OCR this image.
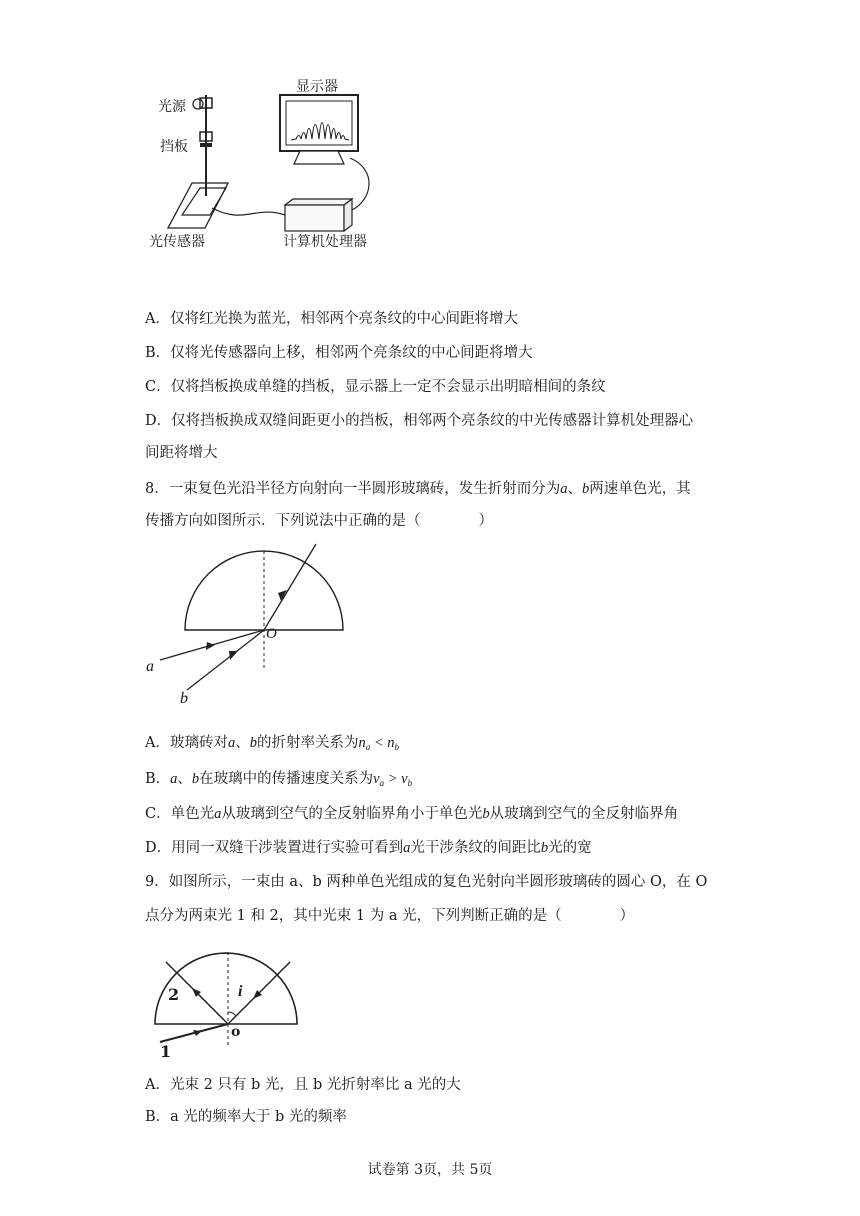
光源
挡板
显示器
光传感器	计算机处理器
A．仅将红光换为蓝光，相邻两个亮条纹的中心间距将增大
B．仅将光传感器向上移，相邻两个亮条纹的中心间距将增大
C．仅将挡板换成单缝的挡板，显示器上一定不会显示出明暗相间的条纹
D．仅将挡板换成双缝间距更小的挡板，相邻两个亮条纹的中光传感器计算机处理器心
间距将增大
8．一束复色光沿半径方向射向一半圆形玻璃砖，发生折射而分为a、b两速单色光，其
传播方向如图所示．下列说法中正确的是（　　　　）
O
a
b
A．玻璃砖对a、b的折射率关系为$n_a < n_b$
B．a、b在玻璃中的传播速度关系为$v_a > v_b$
C．单色光a从玻璃到空气的全反射临界角小于单色光b从玻璃到空气的全反射临界角
D．用同一双缝干涉装置进行实验可看到a光干涉条纹的间距比b光的宽
9．如图所示，一束由 a、b 两种单色光组成的复色光射向半圆形玻璃砖的圆心 O，在 O
点分为两束光 1 和 2，其中光束 1 为 a 光，下列判断正确的是（　　　　）
2
1
i
o
A．光束 2 只有 b 光，且 b 光折射率比 a 光的大
B．a 光的频率大于 b 光的频率
试卷第 3页，共 5页
